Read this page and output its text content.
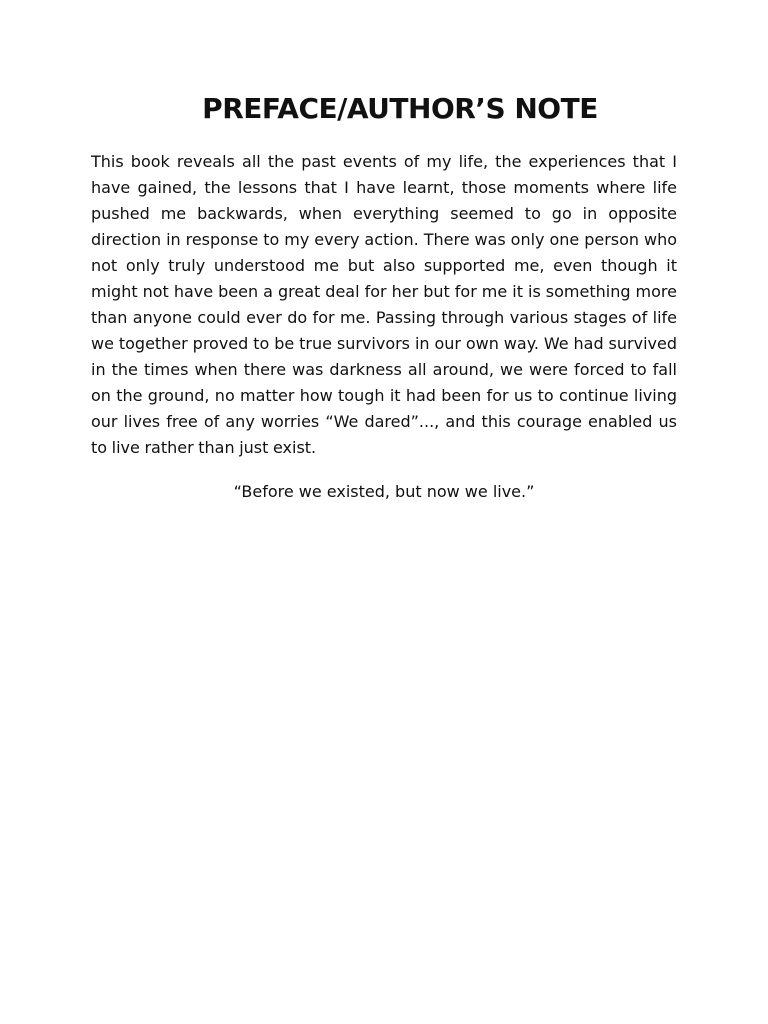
PREFACE/AUTHOR’S NOTE

This book reveals all the past events of my life, the experiences that I have gained, the lessons that I have learnt, those moments where life pushed me backwards, when everything seemed to go in opposite direction in response to my every action. There was only one person who not only truly understood me but also supported me, even though it might not have been a great deal for her but for me it is something more than anyone could ever do for me. Passing through various stages of life we together proved to be true survivors in our own way. We had survived in the times when there was darkness all around, we were forced to fall on the ground, no matter how tough it had been for us to continue living our lives free of any worries “We dared”..., and this courage enabled us to live rather than just exist.

“Before we existed, but now we live.”
